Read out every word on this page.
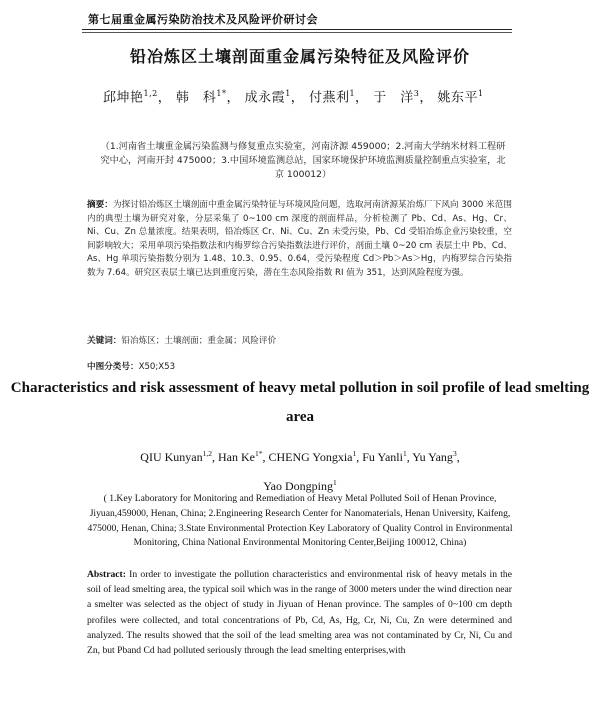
第七届重金属污染防治技术及风险评价研讨会
铅冶炼区土壤剖面重金属污染特征及风险评价
邱坤艳$^{1,2}$， 韩　科$^{1*}$， 成永霞$^1$， 付燕利$^1$， 于　洋$^3$， 姚东平$^1$
（1.河南省土壤重金属污染监测与修复重点实验室，河南济源 459000；2.河南大学纳米材料工程研究中心，河南开封 475000；3.中国环境监测总站，国家环境保护环境监测质量控制重点实验室，北京 100012）
摘要：为探讨铅冶炼区土壤剖面中重金属污染特征与环境风险问题，选取河南济源某冶炼厂下风向 3000 米范围内的典型土壤为研究对象，分层采集了 0~100 cm 深度的剖面样品，分析检测了 Pb、Cd、As、Hg、Cr、Ni、Cu、Zn 总量浓度。结果表明，铅冶炼区 Cr、Ni、Cu、Zn 未受污染，Pb、Cd 受铅冶炼企业污染较重，空间影响较大；采用单项污染指数法和内梅罗综合污染指数法进行评价，剖面土壤 0~20 cm 表层土中 Pb、Cd、As、Hg 单项污染指数分别为 1.48、10.3、0.95、0.64，受污染程度 Cd＞Pb＞As＞Hg，内梅罗综合污染指数为 7.64。研究区表层土壤已达到重度污染，潜在生态风险指数 RI 值为 351，达到风险程度为强。
关键词：铅冶炼区；土壤剖面；重金属；风险评价
中图分类号：X50;X53
Characteristics and risk assessment of heavy metal pollution in soil profile of lead smelting area
QIU Kunyan$^{1,2}$, Han $Ke^{1*}$, CHENG Yongxia$^1$, Fu Yanli$^1$, Yu Yang$^3$,
Yao Dongping$^1$
( 1.Key Laboratory for Monitoring and Remediation of Heavy Metal Polluted Soil of Henan Province, Jiyuan,459000, Henan, China; 2.Engineering Research Center for Nanomaterials, Henan University, Kaifeng, 475000, Henan, China; 3.State Environmental Protection Key Laboratory of Quality Control in Environmental Monitoring, China National Environmental Monitoring Center,Beijing 100012, China)
Abstract: In order to investigate the pollution characteristics and environmental risk of heavy metals in the soil of lead smelting area, the typical soil which was in the range of 3000 meters under the wind direction near a smelter was selected as the object of study in Jiyuan of Henan province. The samples of 0~100 cm depth profiles were collected, and total concentrations of Pb, Cd, As, Hg, Cr, Ni, Cu, Zn were determined and analyzed. The results showed that the soil of the lead smelting area was not contaminated by Cr, Ni, Cu and Zn, but Pband Cd had polluted seriously through the lead smelting enterprises,with
